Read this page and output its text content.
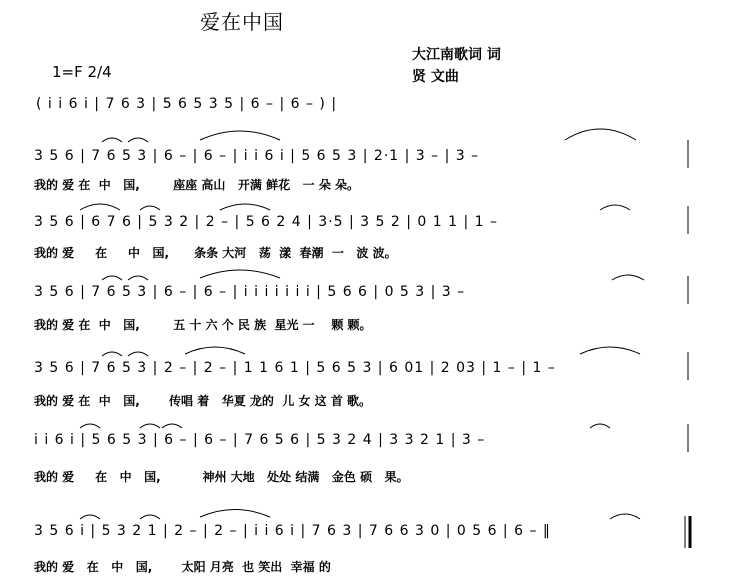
爱在中国
1=F 2/4
大江南歌词 词
贤 文曲
( i i 6 i | 7 6 3 | 5 6 5 3 5 | 6 – | 6 – ) |
3 5 6 | 7 6 5 3 | 6 – | 6 – | i i 6 i | 5 6 5 3 | 2·1 | 3 – | 3 –
我的 爱 在  中   国,        座座 高山   开满 鲜花   一 朵 朵。
3 5 6 | 6 7 6 | 5 3 2 | 2 – | 5 6 2 4 | 3·5 | 3 5 2 | 0 1 1 | 1 –
我的 爱     在     中   国,      条条 大河   荡  漾  春潮  一   波 波。
3 5 6 | 7 6 5 3 | 6 – | 6 – | i i i i i i i | 5 6 6 | 0 5 3 | 3 –
我的 爱 在  中   国,        五 十 六 个 民 族  星光 一    颗 颗。
3 5 6 | 7 6 5 3 | 2 – | 2 – | 1 1 6 1 | 5 6 5 3 | 6 01 | 2 03 | 1 – | 1 –
我的 爱 在  中   国,       传唱 着   华夏 龙的  儿 女 这 首 歌。
i i 6 i | 5 6 5 3 | 6 – | 6 – | 7 6 5 6 | 5 3 2 4 | 3 3 2 1 | 3 –
我的 爱     在   中   国,          神州 大地   处处 结满   金色 硕   果。
3 5 6 i | 5 3 2 1 | 2 – | 2 – | i i 6 i | 7 6 3 | 7 6 6 3 0 | 0 5 6 | 6 – ‖
我的 爱   在   中   国,       太阳 月亮  也 笑出  幸福 的
